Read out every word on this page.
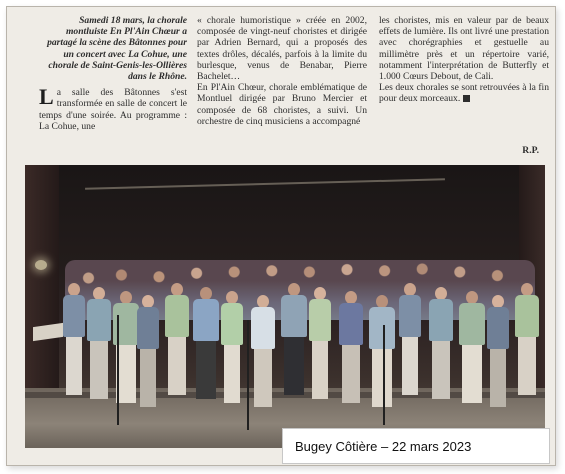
Samedi 18 mars, la chorale montluiste En Pl'Ain Chœur a partagé la scène des Bâtonnes pour un concert avec La Cohue, une chorale de Saint-Genis-les-Ollières dans le Rhône.

La salle des Bâtonnes s'est transformée en salle de concert le temps d'une soirée. Au programme : La Cohue, une

« chorale humoristique » créée en 2002, composée de vingt-neuf choristes et dirigée par Adrien Bernard, qui a proposés des textes drôles, décalés, parfois à la limite du burlesque, venus de Benabar, Pierre Bachelet…
En Pl'Ain Chœur, chorale emblématique de Montluel dirigée par Bruno Mercier et composée de 68 choristes, a suivi. Un orchestre de cinq musiciens a accompagné

les choristes, mis en valeur par de beaux effets de lumière. Ils ont livré une prestation avec chorégraphies et gestuelle au millimètre près et un répertoire varié, notamment l'interprétation de Butterfly et 1.000 Cœurs Debout, de Cali.

Les deux chorales se sont retrouvées à la fin pour deux morceaux.

R.P.
Bugey Côtière – 22 mars 2023
